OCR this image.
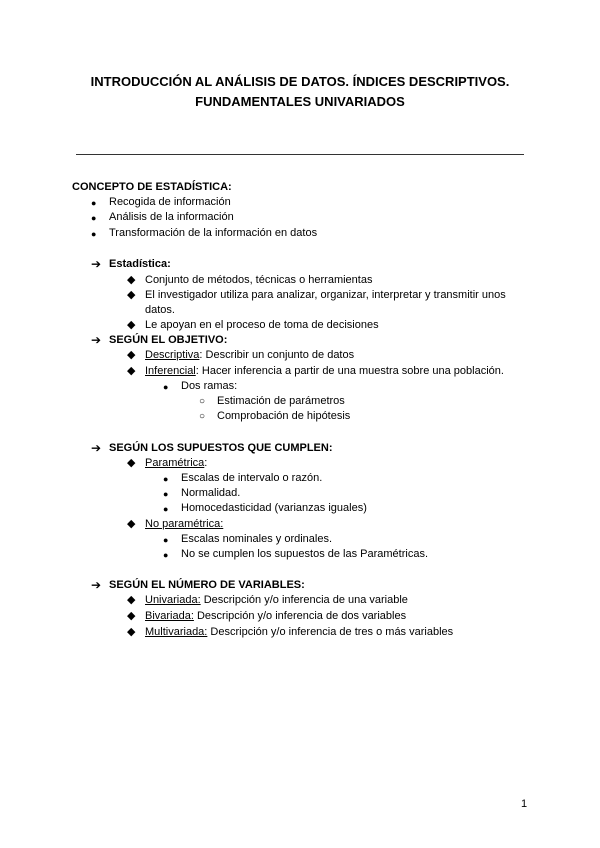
INTRODUCCIÓN AL ANÁLISIS DE DATOS. ÍNDICES DESCRIPTIVOS.
FUNDAMENTALES UNIVARIADOS
CONCEPTO DE ESTADÍSTICA:
● Recogida de información
● Análisis de la información
● Transformación de la información en datos
➔ Estadística:
◆ Conjunto de métodos, técnicas o herramientas
◆ El investigador utiliza para analizar, organizar, interpretar y transmitir unos
datos.
◆ Le apoyan en el proceso de toma de decisiones
➔ SEGÚN EL OBJETIVO:
◆ Descriptiva: Describir un conjunto de datos
◆ Inferencial: Hacer inferencia a partir de una muestra sobre una población.
● Dos ramas:
○ Estimación de parámetros
○ Comprobación de hipótesis
➔ SEGÚN LOS SUPUESTOS QUE CUMPLEN:
◆ Paramétrica:
● Escalas de intervalo o razón.
● Normalidad.
● Homocedasticidad (varianzas iguales)
◆ No paramétrica:
● Escalas nominales y ordinales.
● No se cumplen los supuestos de las Paramétricas.
➔ SEGÚN EL NÚMERO DE VARIABLES:
◆ Univariada: Descripción y/o inferencia de una variable
◆ Bivariada: Descripción y/o inferencia de dos variables
◆ Multivariada: Descripción y/o inferencia de tres o más variables
1
